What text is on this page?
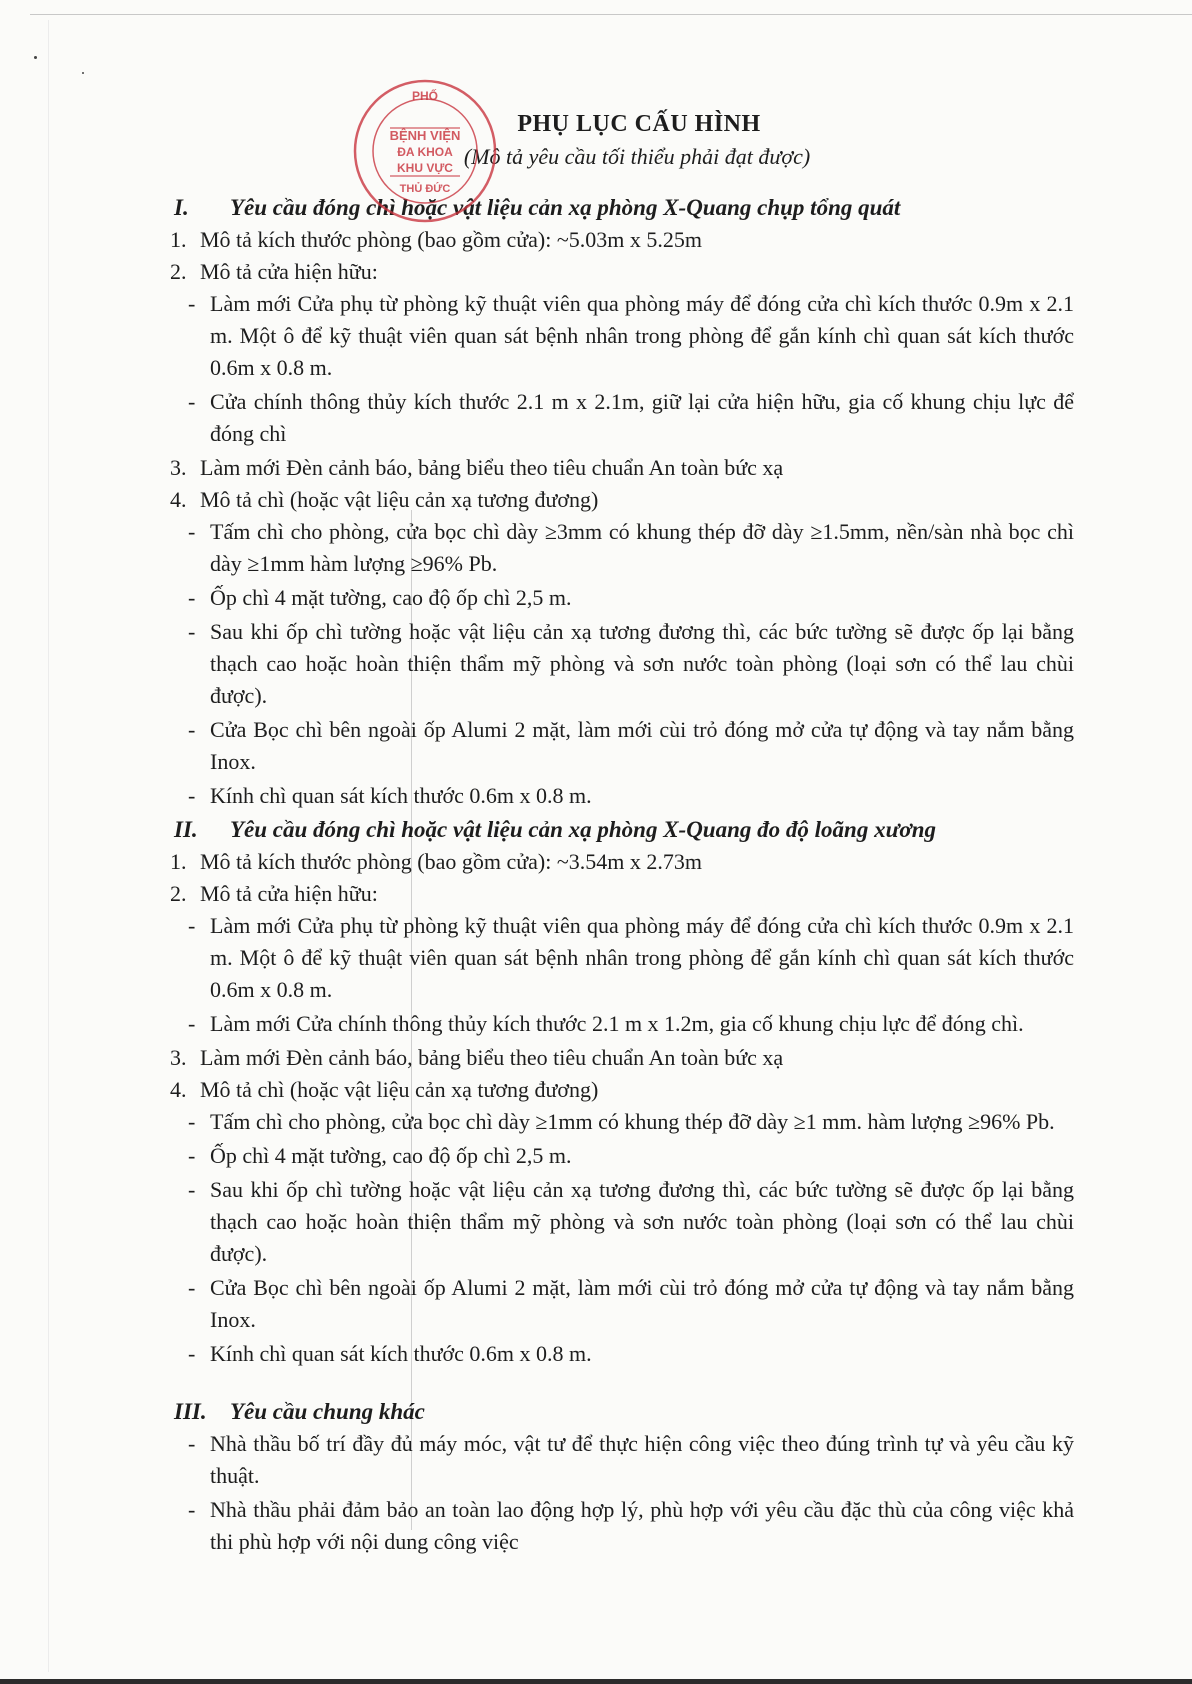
PHỤ LỤC CẤU HÌNH
(Mô tả yêu cầu tối thiểu phải đạt được)
I. Yêu cầu đóng chì hoặc vật liệu cản xạ phòng X-Quang chụp tổng quát
1. Mô tả kích thước phòng (bao gồm cửa): ~5.03m x 5.25m
2. Mô tả cửa hiện hữu:
- Làm mới Cửa phụ từ phòng kỹ thuật viên qua phòng máy để đóng cửa chì kích thước 0.9m x 2.1 m. Một ô để kỹ thuật viên quan sát bệnh nhân trong phòng để gắn kính chì quan sát kích thước 0.6m x 0.8 m.
- Cửa chính thông thủy kích thước 2.1 m x 2.1m, giữ lại cửa hiện hữu, gia cố khung chịu lực để đóng chì
3. Làm mới Đèn cảnh báo, bảng biểu theo tiêu chuẩn An toàn bức xạ
4. Mô tả chì (hoặc vật liệu cản xạ tương đương)
- Tấm chì cho phòng, cửa bọc chì dày ≥3mm có khung thép đỡ dày ≥1.5mm, nền/sàn nhà bọc chì dày ≥1mm hàm lượng ≥96% Pb.
- Ốp chì 4 mặt tường, cao độ ốp chì 2,5 m.
- Sau khi ốp chì tường hoặc vật liệu cản xạ tương đương thì, các bức tường sẽ được ốp lại bằng thạch cao hoặc hoàn thiện thẩm mỹ phòng và sơn nước toàn phòng (loại sơn có thể lau chùi được).
- Cửa Bọc chì bên ngoài ốp Alumi 2 mặt, làm mới cùi trỏ đóng mở cửa tự động và tay nắm bằng Inox.
- Kính chì quan sát kích thước 0.6m x 0.8 m.
II. Yêu cầu đóng chì hoặc vật liệu cản xạ phòng X-Quang đo độ loãng xương
1. Mô tả kích thước phòng (bao gồm cửa): ~3.54m x 2.73m
2. Mô tả cửa hiện hữu:
- Làm mới Cửa phụ từ phòng kỹ thuật viên qua phòng máy để đóng cửa chì kích thước 0.9m x 2.1 m. Một ô để kỹ thuật viên quan sát bệnh nhân trong phòng để gắn kính chì quan sát kích thước 0.6m x 0.8 m.
- Làm mới Cửa chính thông thủy kích thước 2.1 m x 1.2m, gia cố khung chịu lực để đóng chì.
3. Làm mới Đèn cảnh báo, bảng biểu theo tiêu chuẩn An toàn bức xạ
4. Mô tả chì (hoặc vật liệu cản xạ tương đương)
- Tấm chì cho phòng, cửa bọc chì dày ≥1mm có khung thép đỡ dày ≥1 mm. hàm lượng ≥96% Pb.
- Ốp chì 4 mặt tường, cao độ ốp chì 2,5 m.
- Sau khi ốp chì tường hoặc vật liệu cản xạ tương đương thì, các bức tường sẽ được ốp lại bằng thạch cao hoặc hoàn thiện thẩm mỹ phòng và sơn nước toàn phòng (loại sơn có thể lau chùi được).
- Cửa Bọc chì bên ngoài ốp Alumi 2 mặt, làm mới cùi trỏ đóng mở cửa tự động và tay nắm bằng Inox.
- Kính chì quan sát kích thước 0.6m x 0.8 m.
III. Yêu cầu chung khác
- Nhà thầu bố trí đầy đủ máy móc, vật tư để thực hiện công việc theo đúng trình tự và yêu cầu kỹ thuật.
- Nhà thầu phải đảm bảo an toàn lao động hợp lý, phù hợp với yêu cầu đặc thù của công việc khả thi phù hợp với nội dung công việc
PHỐ
BỆNH VIỆN
ĐA KHOA
KHU VỰC
THỦ ĐỨC
